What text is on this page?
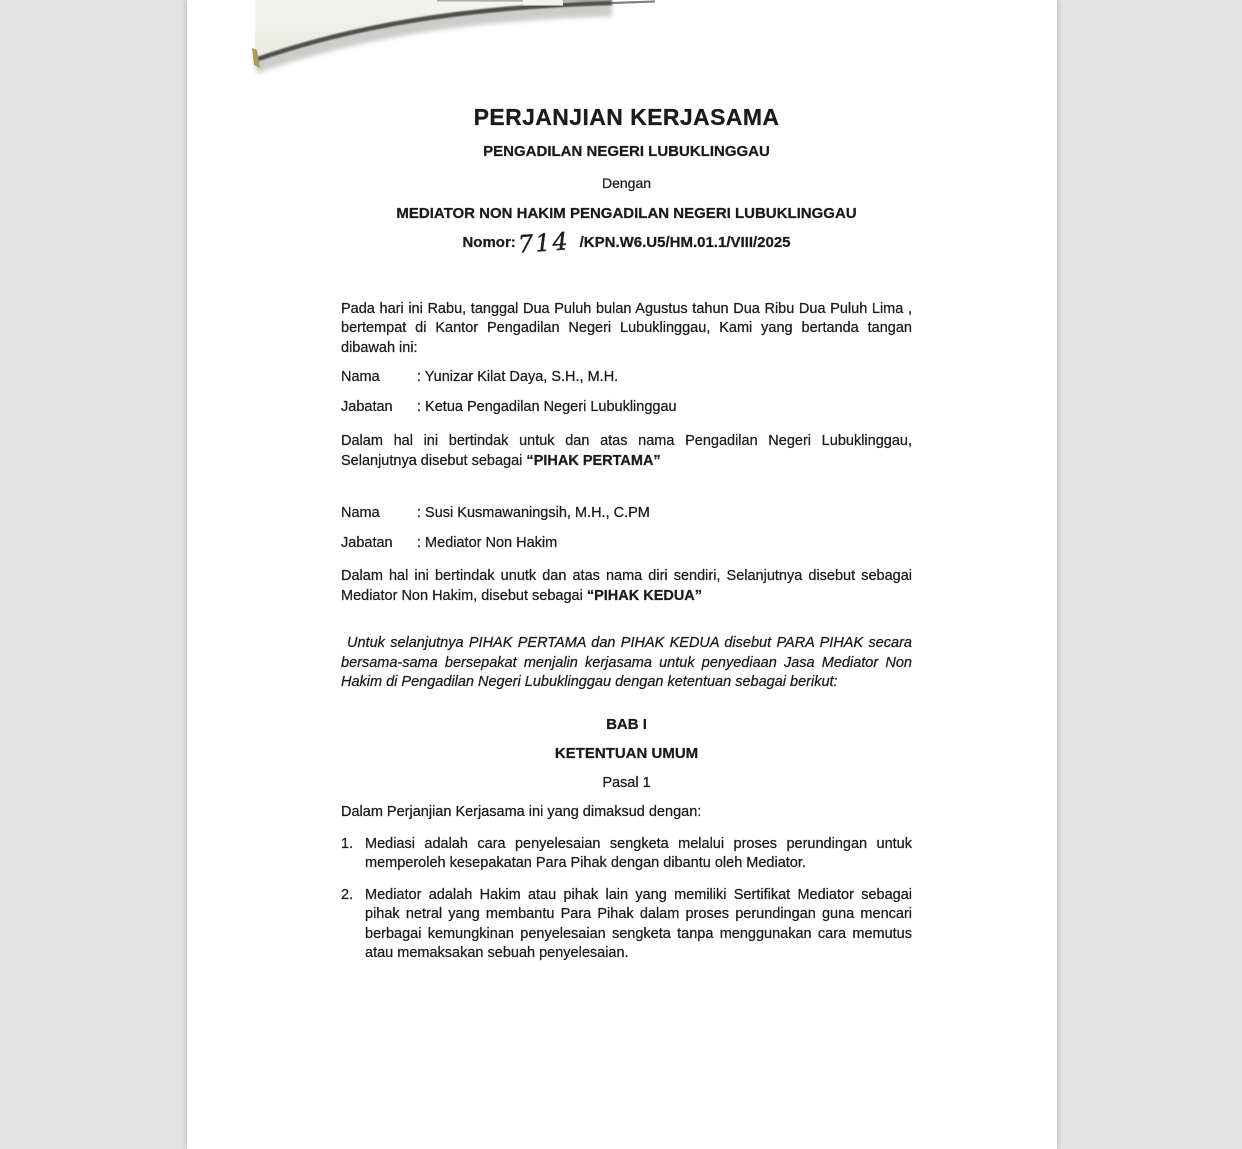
PERJANJIAN KERJASAMA
PENGADILAN NEGERI LUBUKLINGGAU
Dengan
MEDIATOR NON HAKIM PENGADILAN NEGERI LUBUKLINGGAU
Nomor:714 /KPN.W6.U5/HM.01.1/VIII/2025

Pada hari ini Rabu, tanggal Dua Puluh bulan Agustus tahun Dua Ribu Dua Puluh Lima , bertempat di Kantor Pengadilan Negeri Lubuklinggau, Kami yang bertanda tangan dibawah ini:

Nama	: Yunizar Kilat Daya, S.H., M.H.
Jabatan	: Ketua Pengadilan Negeri Lubuklinggau

Dalam hal ini bertindak untuk dan atas nama Pengadilan Negeri Lubuklinggau, Selanjutnya disebut sebagai “PIHAK PERTAMA”

Nama	: Susi Kusmawaningsih, M.H., C.PM
Jabatan	: Mediator Non Hakim

Dalam hal ini bertindak unutk dan atas nama diri sendiri, Selanjutnya disebut sebagai Mediator Non Hakim, disebut sebagai “PIHAK KEDUA”

Untuk selanjutnya PIHAK PERTAMA dan PIHAK KEDUA disebut PARA PIHAK secara bersama-sama bersepakat menjalin kerjasama untuk penyediaan Jasa Mediator Non Hakim di Pengadilan Negeri Lubuklinggau dengan ketentuan sebagai berikut:

BAB I
KETENTUAN UMUM
Pasal 1
Dalam Perjanjian Kerjasama ini yang dimaksud dengan:
1. Mediasi adalah cara penyelesaian sengketa melalui proses perundingan untuk memperoleh kesepakatan Para Pihak dengan dibantu oleh Mediator.
2. Mediator adalah Hakim atau pihak lain yang memiliki Sertifikat Mediator sebagai pihak netral yang membantu Para Pihak dalam proses perundingan guna mencari berbagai kemungkinan penyelesaian sengketa tanpa menggunakan cara memutus atau memaksakan sebuah penyelesaian.
